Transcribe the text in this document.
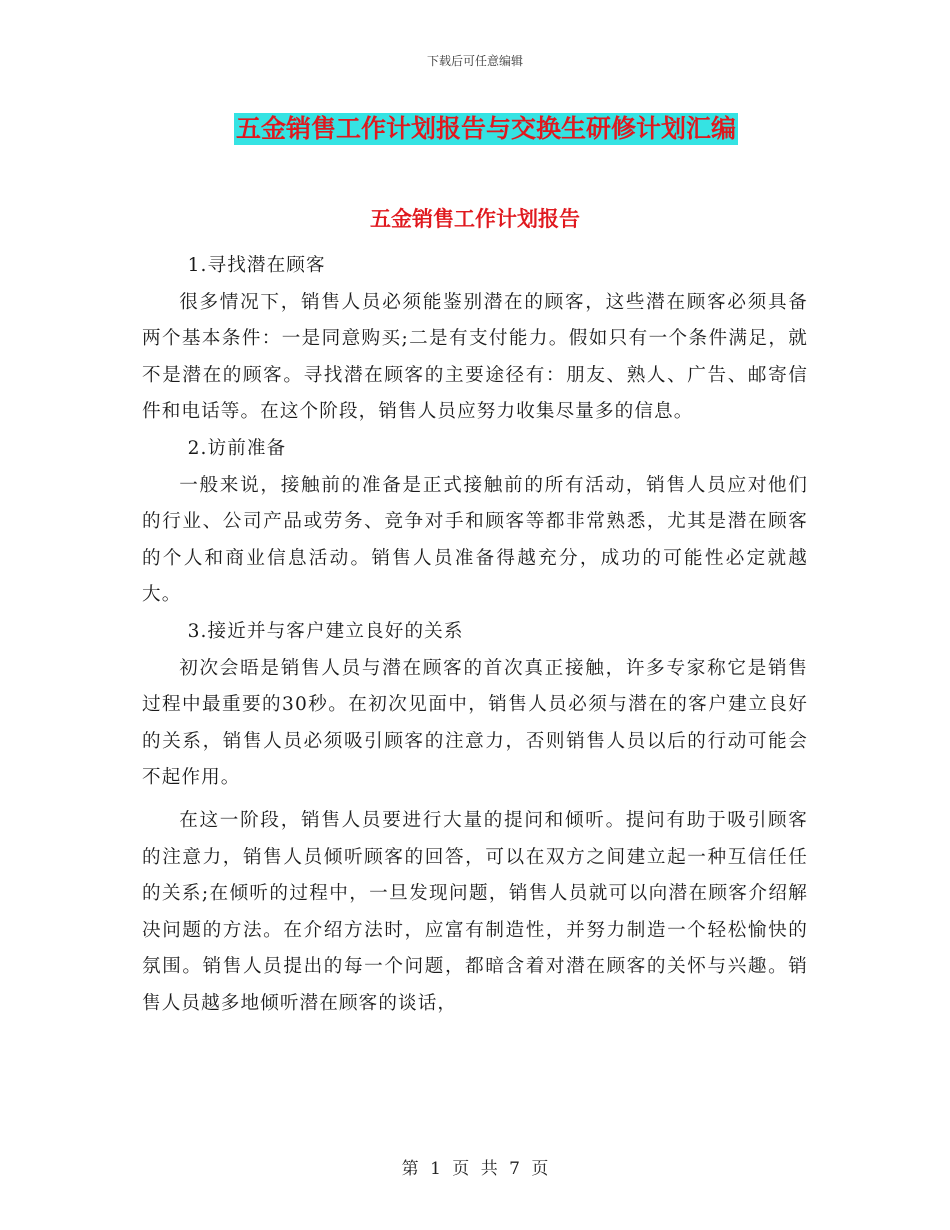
下载后可任意编辑
五金销售工作计划报告与交换生研修计划汇编
五金销售工作计划报告

1.寻找潜在顾客

很多情况下，销售人员必须能鉴别潜在的顾客，这些潜在顾客必须具备两个基本条件：一是同意购买;二是有支付能力。假如只有一个条件满足，就不是潜在的顾客。寻找潜在顾客的主要途径有：朋友、熟人、广告、邮寄信件和电话等。在这个阶段，销售人员应努力收集尽量多的信息。

2.访前准备

一般来说，接触前的准备是正式接触前的所有活动，销售人员应对他们的行业、公司产品或劳务、竞争对手和顾客等都非常熟悉，尤其是潜在顾客的个人和商业信息活动。销售人员准备得越充分，成功的可能性必定就越大。

3.接近并与客户建立良好的关系

初次会晤是销售人员与潜在顾客的首次真正接触，许多专家称它是销售过程中最重要的30秒。在初次见面中，销售人员必须与潜在的客户建立良好的关系，销售人员必须吸引顾客的注意力，否则销售人员以后的行动可能会不起作用。

在这一阶段，销售人员要进行大量的提问和倾听。提问有助于吸引顾客的注意力，销售人员倾听顾客的回答，可以在双方之间建立起一种互信任任的关系;在倾听的过程中，一旦发现问题，销售人员就可以向潜在顾客介绍解决问题的方法。在介绍方法时，应富有制造性，并努力制造一个轻松愉快的氛围。销售人员提出的每一个问题，都暗含着对潜在顾客的关怀与兴趣。销售人员越多地倾听潜在顾客的谈话，

第 1 页 共 7 页
